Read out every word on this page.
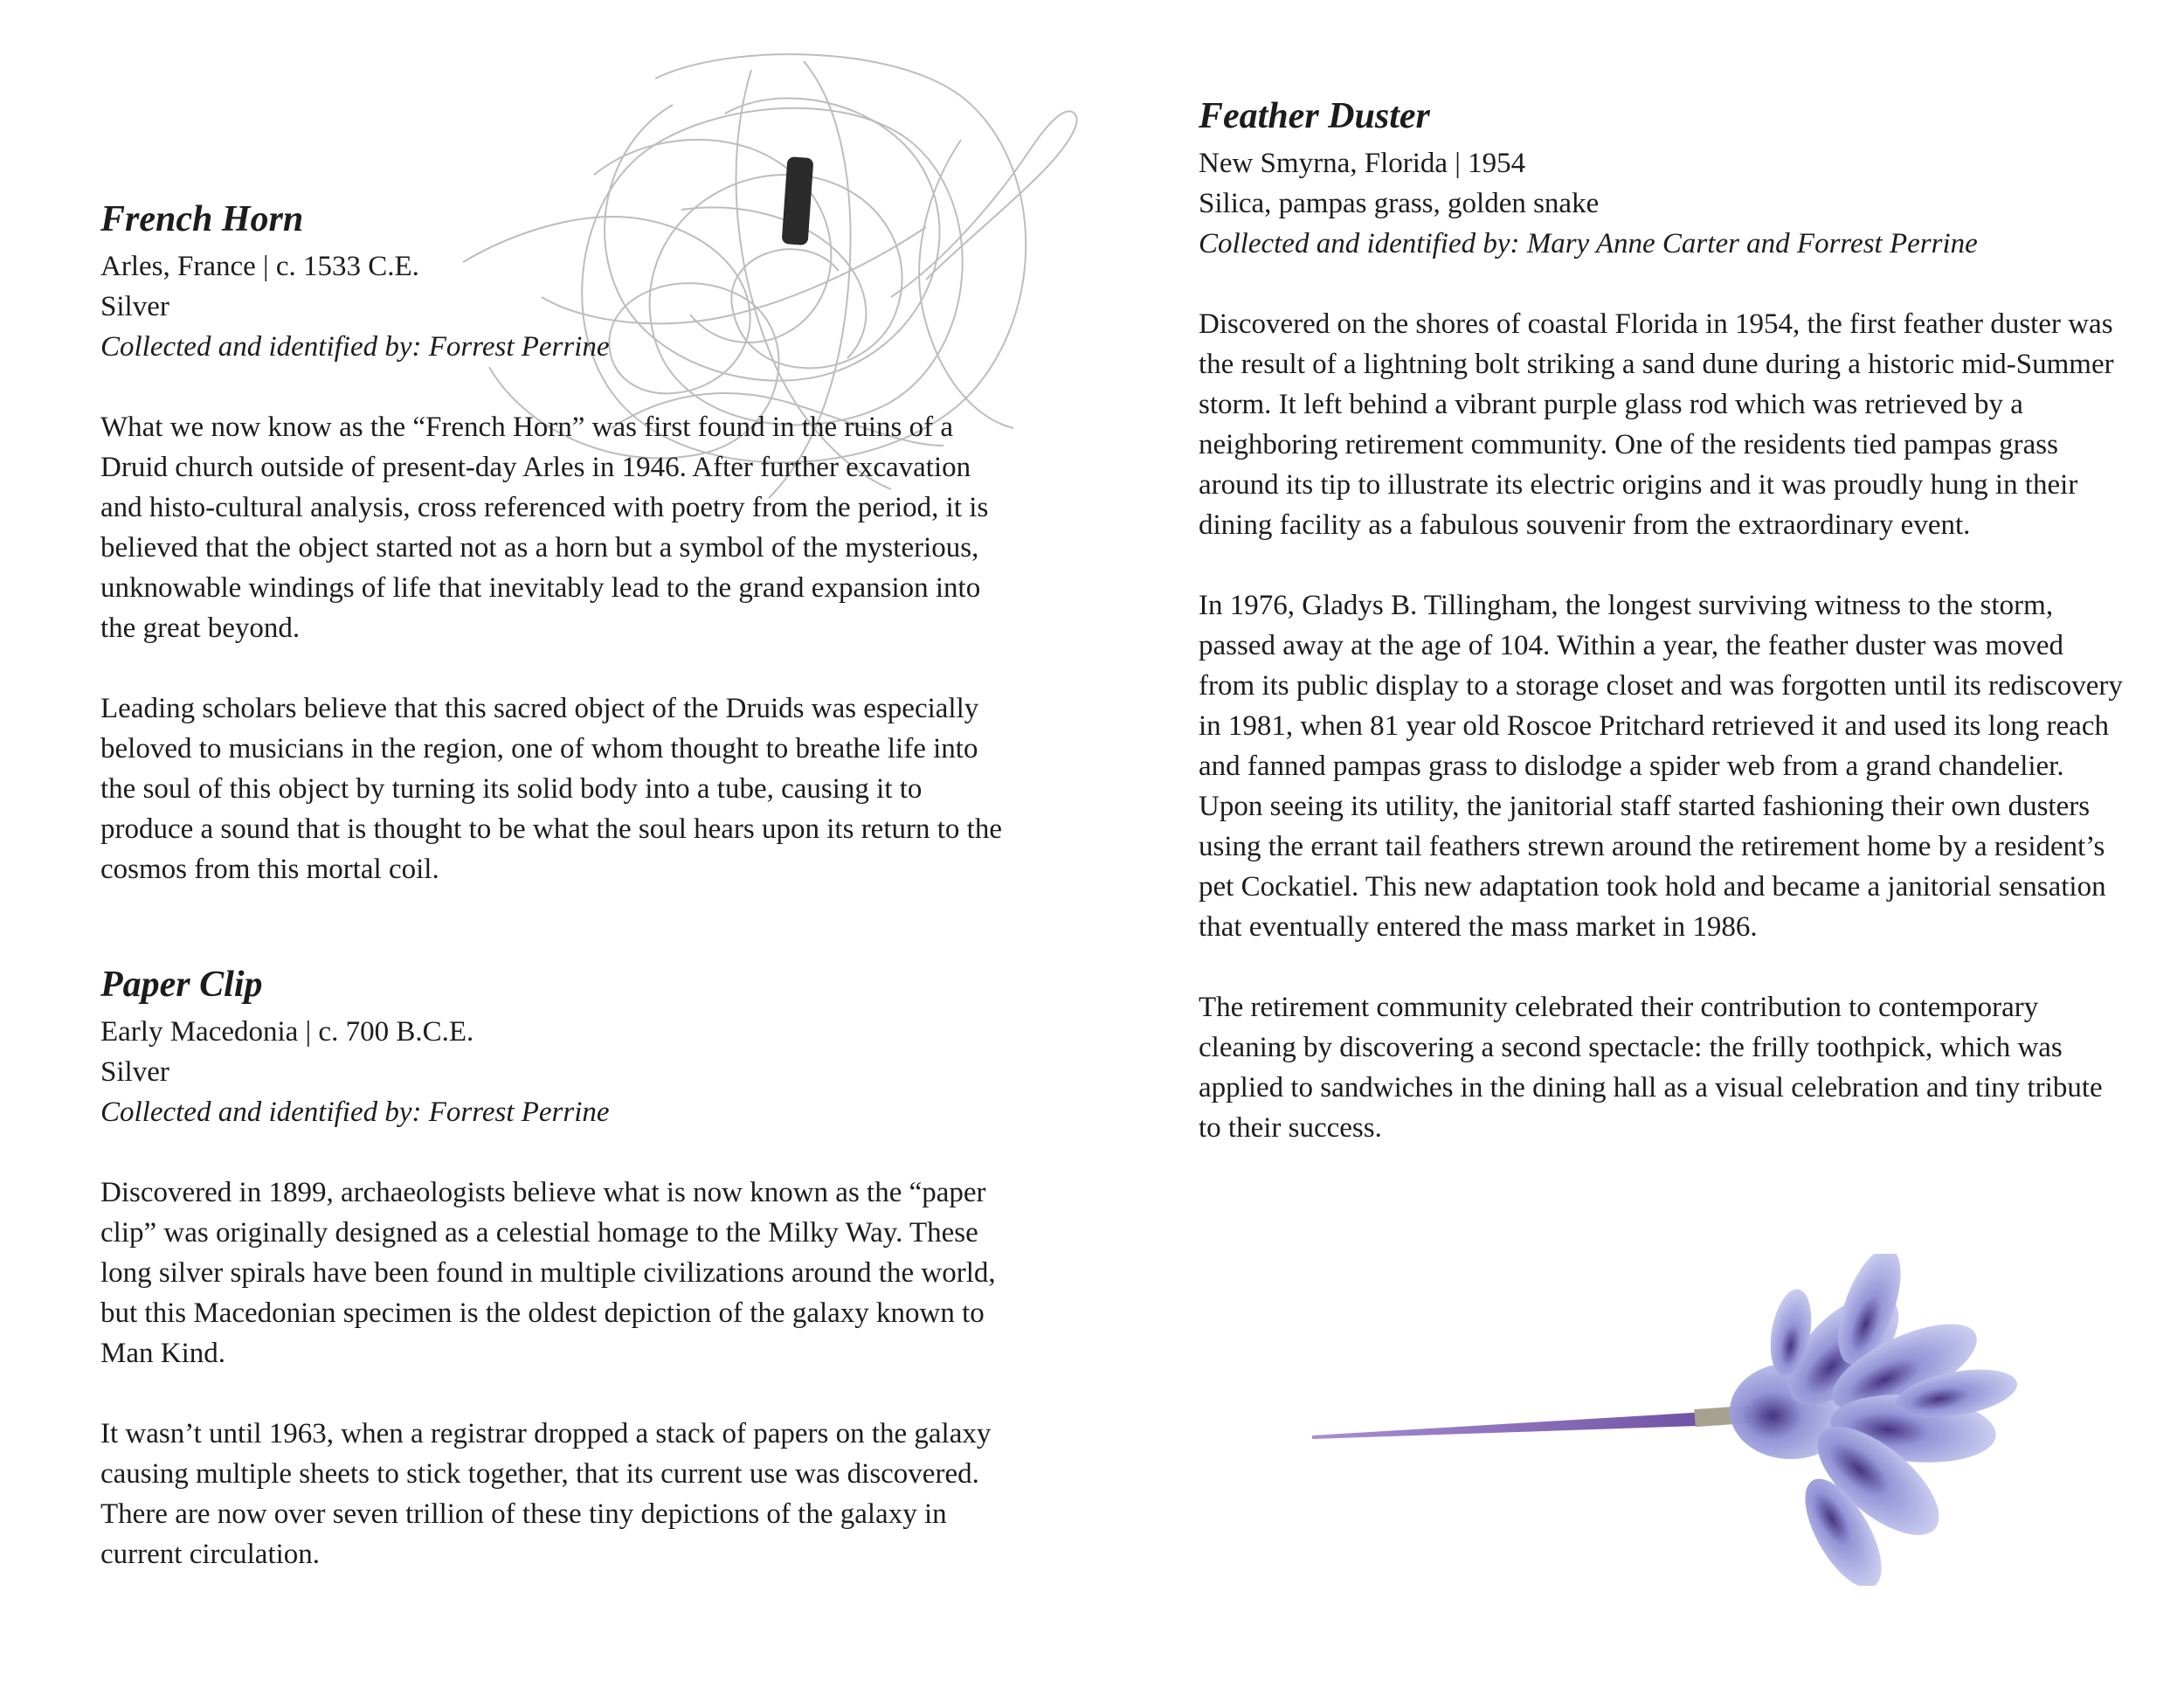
French Horn
Arles, France | c. 1533 C.E.
Silver
Collected and identified by: Forrest Perrine
What we now know as the “French Horn” was first found in the ruins of a Druid church outside of present-day Arles in 1946. After further excavation and histo-cultural analysis, cross referenced with poetry from the period, it is believed that the object started not as a horn but a symbol of the mysterious, unknowable windings of life that inevitably lead to the grand expansion into the great beyond.
Leading scholars believe that this sacred object of the Druids was especially beloved to musicians in the region, one of whom thought to breathe life into the soul of this object by turning its solid body into a tube, causing it to produce a sound that is thought to be what the soul hears upon its return to the cosmos from this mortal coil.
Paper Clip
Early Macedonia | c. 700 B.C.E.
Silver
Collected and identified by: Forrest Perrine
Discovered in 1899, archaeologists believe what is now known as the “paper clip” was originally designed as a celestial homage to the Milky Way. These long silver spirals have been found in multiple civilizations around the world, but this Macedonian specimen is the oldest depiction of the galaxy known to Man Kind.
It wasn’t until 1963, when a registrar dropped a stack of papers on the galaxy causing multiple sheets to stick together, that its current use was discovered. There are now over seven trillion of these tiny depictions of the galaxy in current circulation.
Feather Duster
New Smyrna, Florida | 1954
Silica, pampas grass, golden snake
Collected and identified by: Mary Anne Carter and Forrest Perrine
Discovered on the shores of coastal Florida in 1954, the first feather duster was the result of a lightning bolt striking a sand dune during a historic mid-Summer storm. It left behind a vibrant purple glass rod which was retrieved by a neighboring retirement community. One of the residents tied pampas grass around its tip to illustrate its electric origins and it was proudly hung in their dining facility as a fabulous souvenir from the extraordinary event.
In 1976, Gladys B. Tillingham, the longest surviving witness to the storm, passed away at the age of 104. Within a year, the feather duster was moved from its public display to a storage closet and was forgotten until its rediscovery in 1981, when 81 year old Roscoe Pritchard retrieved it and used its long reach and fanned pampas grass to dislodge a spider web from a grand chandelier. Upon seeing its utility, the janitorial staff started fashioning their own dusters using the errant tail feathers strewn around the retirement home by a resident’s pet Cockatiel. This new adaptation took hold and became a janitorial sensation that eventually entered the mass market in 1986.
The retirement community celebrated their contribution to contemporary cleaning by discovering a second spectacle: the frilly toothpick, which was applied to sandwiches in the dining hall as a visual celebration and tiny tribute to their success.
